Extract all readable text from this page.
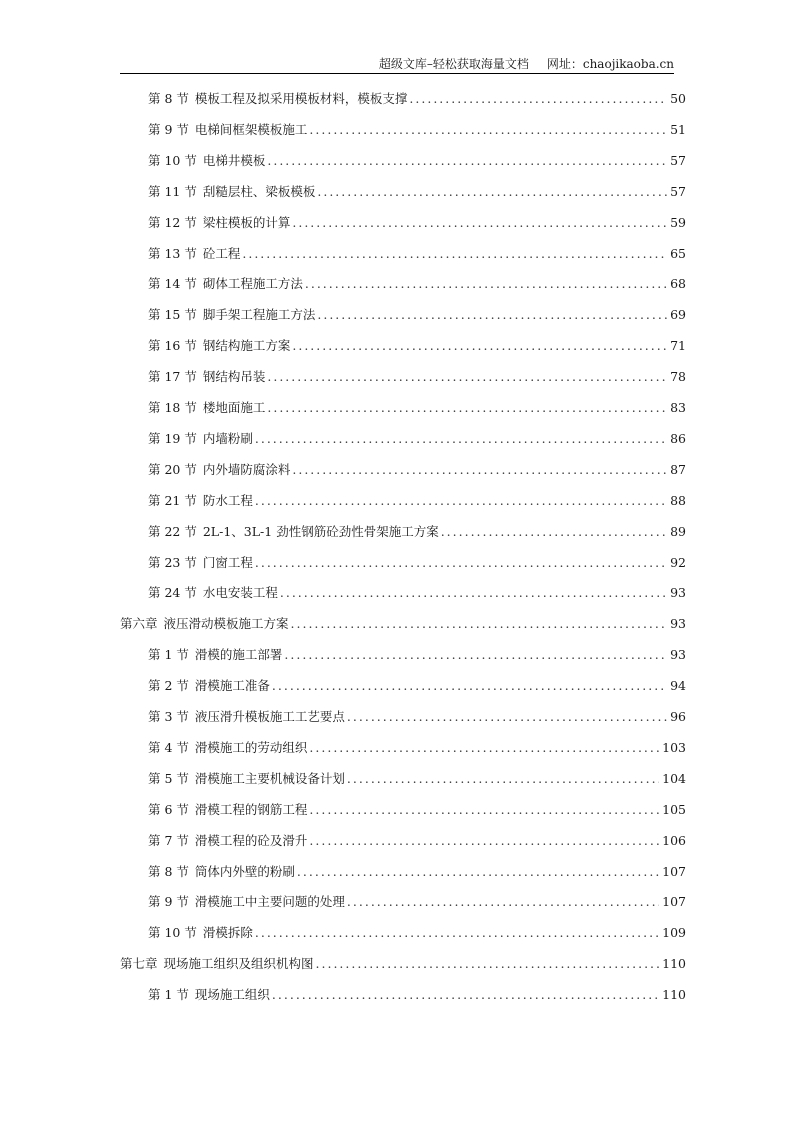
超级文库–轻松获取海量文档 网址：chaojikaoba.cn
第 8 节 模板工程及拟采用模板材料，模板支撑 .....	50
第 9 节 电梯间框架模板施工 .....	51
第 10 节 电梯井模板 .....	57
第 11 节 刮糙层柱、梁板模板 .....	57
第 12 节 梁柱模板的计算 .....	59
第 13 节 砼工程 .....	65
第 14 节 砌体工程施工方法 .....	68
第 15 节 脚手架工程施工方法 .....	69
第 16 节 钢结构施工方案 .....	71
第 17 节 钢结构吊装 .....	78
第 18 节 楼地面施工 .....	83
第 19 节 内墙粉刷 .....	86
第 20 节 内外墙防腐涂料 .....	87
第 21 节 防水工程 .....	88
第 22 节 2L-1、3L-1 劲性钢筋砼劲性骨架施工方案 .....	89
第 23 节 门窗工程 .....	92
第 24 节 水电安装工程 .....	93
第六章 液压滑动模板施工方案 .....	93
第 1 节 滑模的施工部署 .....	93
第 2 节 滑模施工准备 .....	94
第 3 节 液压滑升模板施工工艺要点 .....	96
第 4 节 滑模施工的劳动组织 .....	103
第 5 节 滑模施工主要机械设备计划 .....	104
第 6 节 滑模工程的钢筋工程 .....	105
第 7 节 滑模工程的砼及滑升 .....	106
第 8 节 筒体内外壁的粉刷 .....	107
第 9 节 滑模施工中主要问题的处理 .....	107
第 10 节 滑模拆除 .....	109
第七章 现场施工组织及组织机构图 .....	110
第 1 节 现场施工组织 .....	110
